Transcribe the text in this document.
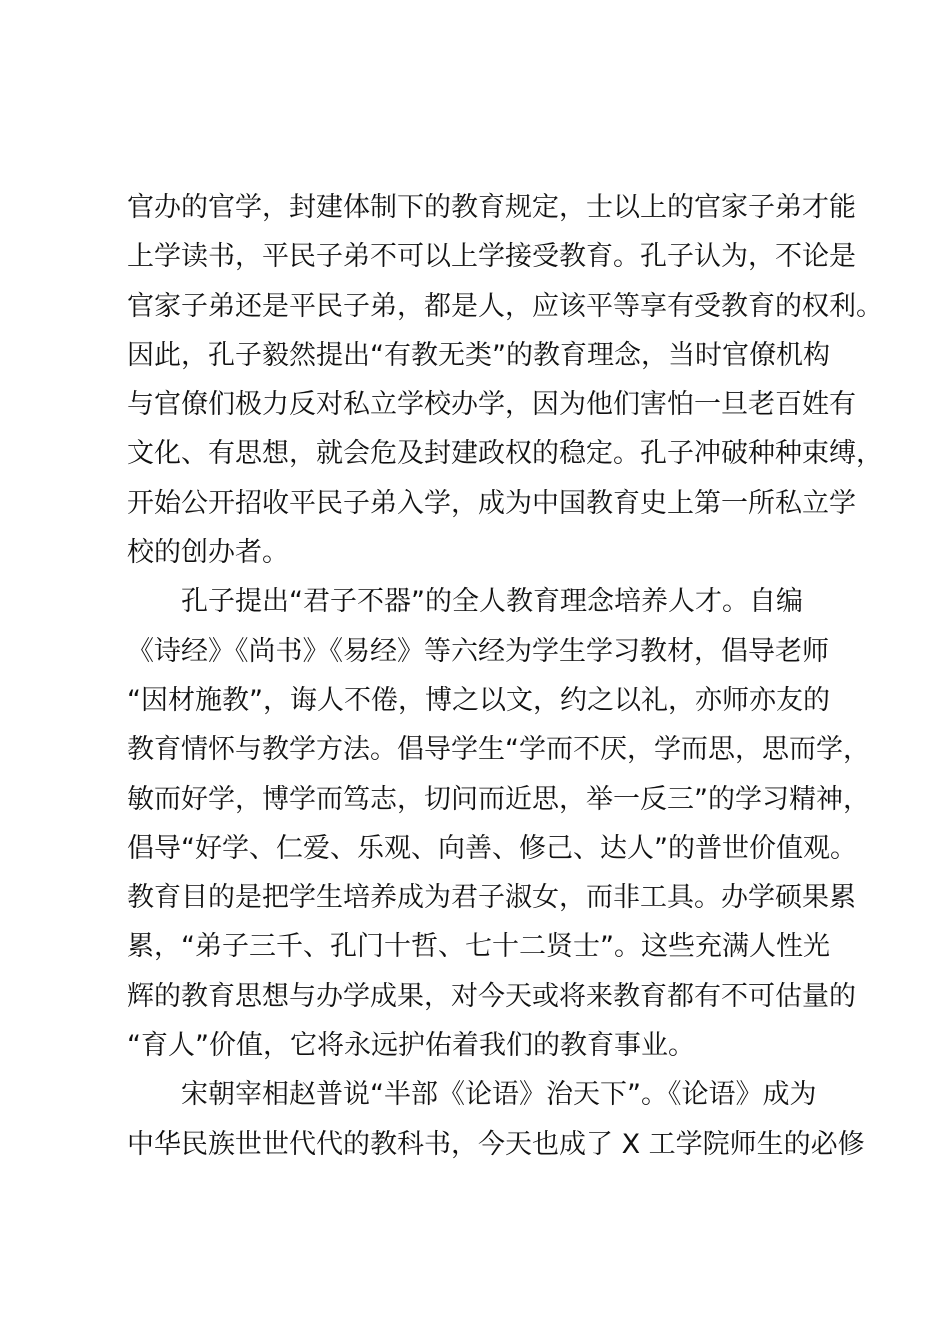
官办的官学，封建体制下的教育规定，士以上的官家子弟才能
上学读书，平民子弟不可以上学接受教育。孔子认为，不论是
官家子弟还是平民子弟，都是人，应该平等享有受教育的权利。
因此，孔子毅然提出“有教无类”的教育理念，当时官僚机构
与官僚们极力反对私立学校办学，因为他们害怕一旦老百姓有
文化、有思想，就会危及封建政权的稳定。孔子冲破种种束缚，
开始公开招收平民子弟入学，成为中国教育史上第一所私立学
校的创办者。
孔子提出“君子不器”的全人教育理念培养人才。自编
《诗经》《尚书》《易经》等六经为学生学习教材，倡导老师
“因材施教”，诲人不倦，博之以文，约之以礼，亦师亦友的
教育情怀与教学方法。倡导学生“学而不厌，学而思，思而学，
敏而好学，博学而笃志，切问而近思，举一反三”的学习精神，
倡导“好学、仁爱、乐观、向善、修己、达人”的普世价值观。
教育目的是把学生培养成为君子淑女，而非工具。办学硕果累
累，“弟子三千、孔门十哲、七十二贤士”。这些充满人性光
辉的教育思想与办学成果，对今天或将来教育都有不可估量的
“育人”价值，它将永远护佑着我们的教育事业。
宋朝宰相赵普说“半部《论语》治天下”。《论语》成为
中华民族世世代代的教科书，今天也成了 X 工学院师生的必修
